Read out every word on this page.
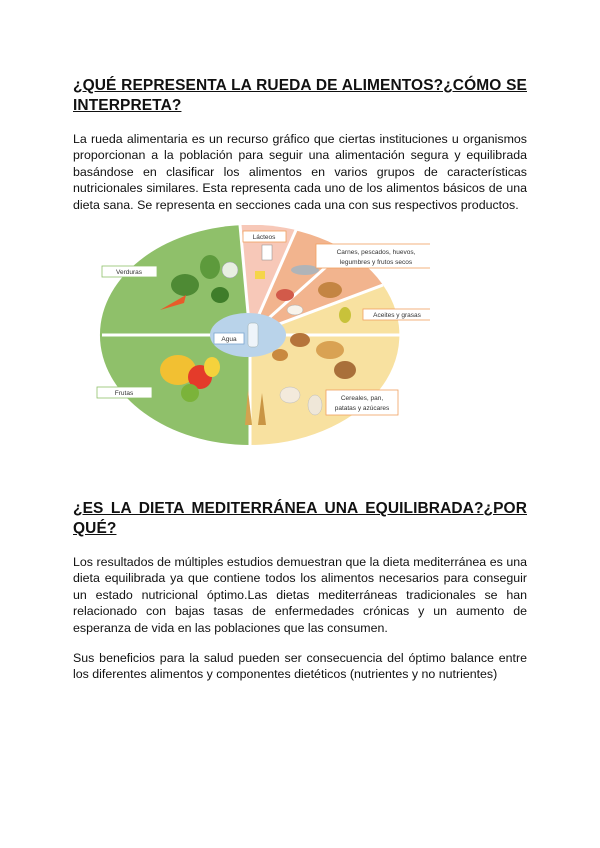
¿QUÉ REPRESENTA LA RUEDA DE ALIMENTOS?¿CÓMO SE INTERPRETA?

La rueda alimentaria es un recurso gráfico que ciertas instituciones u organismos proporcionan a la población para seguir una alimentación segura y equilibrada basándose en clasificar los alimentos en varios grupos de características nutricionales similares. Esta representa cada uno de los alimentos básicos de una dieta sana. Se representa en secciones cada una con sus respectivos productos.

Lácteos
Carnes, pescados, huevos,
legumbres y frutos secos
Aceites y grasas
Cereales, pan,
patatas y azúcares
Frutas
Verduras
Agua
¿ES LA DIETA MEDITERRÁNEA UNA EQUILIBRADA?¿POR QUÉ?

Los resultados de múltiples estudios demuestran que la dieta mediterránea es una dieta equilibrada ya que contiene todos los alimentos necesarios para conseguir un estado nutricional óptimo.Las dietas mediterráneas tradicionales se han relacionado con bajas tasas de enfermedades crónicas y un aumento de esperanza de vida en las poblaciones que las consumen.

Sus beneficios para la salud pueden ser consecuencia del óptimo balance entre los diferentes alimentos y componentes dietéticos (nutrientes y no nutrientes)
